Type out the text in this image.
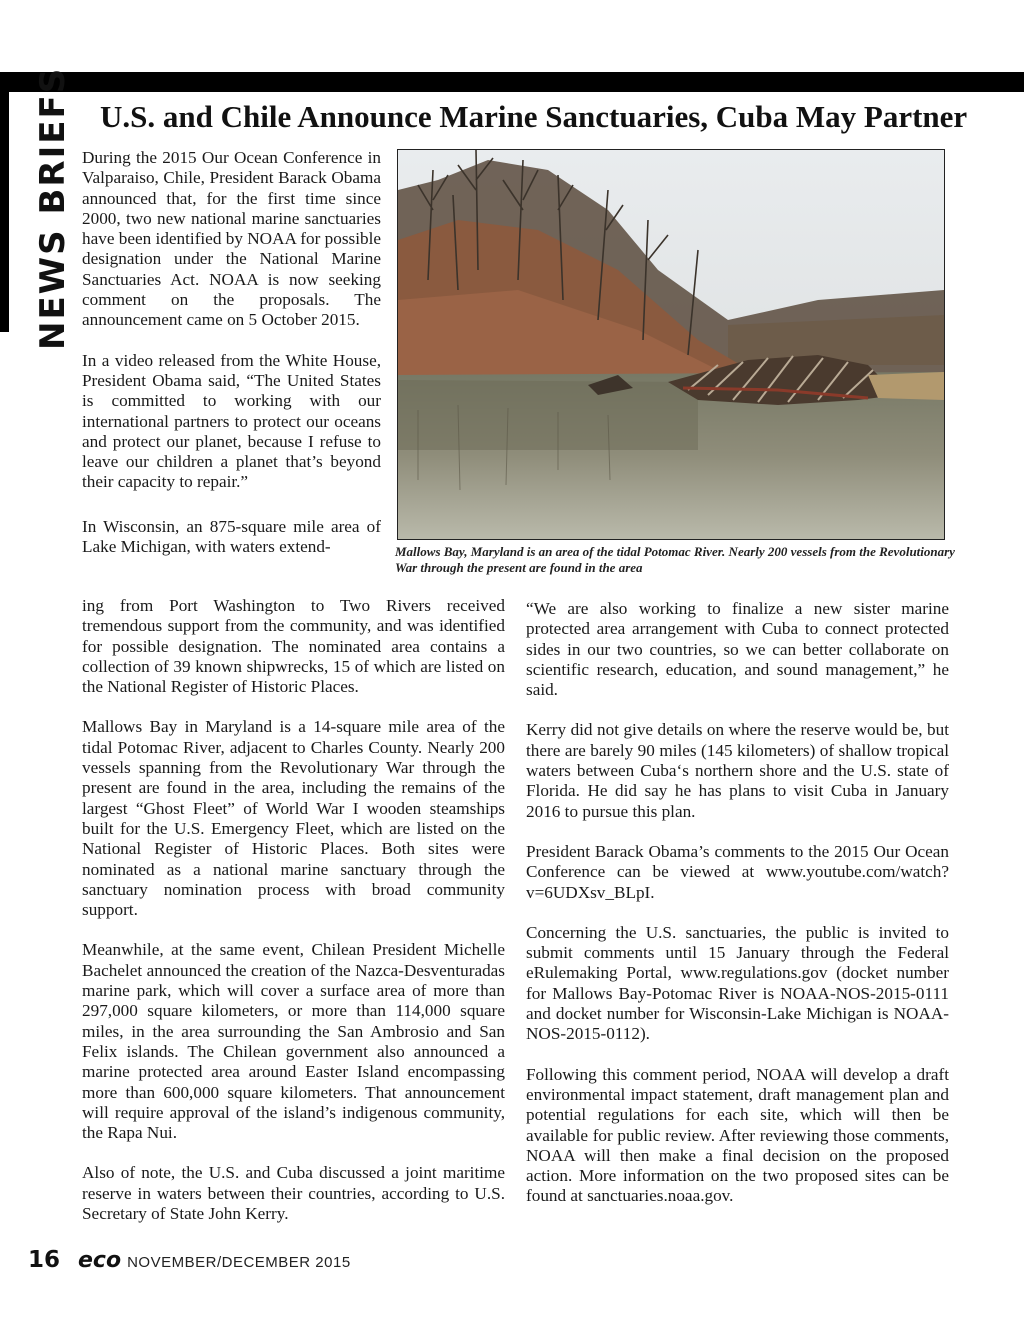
NEWS BRIEFS U.S. and Chile Announce Marine Sanctuaries, Cuba May Partner

During the 2015 Our Ocean Conference in Valparaiso, Chile, President Barack Obama announced that, for the first time since 2000, two new national marine sanctuaries have been identified by NOAA for possible designation under the National Marine Sanctuaries Act. NOAA is now seeking comment on the proposals. The announcement came on 5 October 2015.

In a video released from the White House, President Obama said, “The United States is committed to working with our international partners to protect our oceans and protect our planet, because I refuse to leave our children a planet that’s beyond their capacity to repair.”

In Wisconsin, an 875-square mile area of Lake Michigan, with waters extend-	Mallows Bay, Maryland is an area of the tidal Potomac River. Nearly 200 vessels from the Revolutionary War through the present are found in the area

ing from Port Washington to Two Rivers received tremendous support from the community, and was identified for possible designation. The nominated area contains a collection of 39 known shipwrecks, 15 of which are listed on the National Register of Historic Places.

Mallows Bay in Maryland is a 14-square mile area of the tidal Potomac River, adjacent to Charles County. Nearly 200 vessels spanning from the Revolutionary War through the present are found in the area, including the remains of the largest “Ghost Fleet” of World War I wooden steamships built for the U.S. Emergency Fleet, which are listed on the National Register of Historic Places. Both sites were nominated as a national marine sanctuary through the sanctuary nomination process with broad community support.

Meanwhile, at the same event, Chilean President Michelle Bachelet announced the creation of the Nazca-Desventuradas marine park, which will cover a surface area of more than 297,000 square kilometers, or more than 114,000 square miles, in the area surrounding the San Ambrosio and San Felix islands. The Chilean government also announced a marine protected area around Easter Island encompassing more than 600,000 square kilometers. That announcement will require approval of the island’s indigenous community, the Rapa Nui.

Also of note, the U.S. and Cuba discussed a joint maritime reserve in waters between their countries, according to U.S. Secretary of State John Kerry.

“We are also working to finalize a new sister marine protected area arrangement with Cuba to connect protected sides in our two countries, so we can better collaborate on scientific research, education, and sound management,” he said.

Kerry did not give details on where the reserve would be, but there are barely 90 miles (145 kilometers) of shallow tropical waters between Cuba‘s northern shore and the U.S. state of Florida. He did say he has plans to visit Cuba in January 2016 to pursue this plan.

President Barack Obama’s comments to the 2015 Our Ocean Conference can be viewed at www.youtube.com/watch?v=6UDXsv_BLpI.

Concerning the U.S. sanctuaries, the public is invited to submit comments until 15 January through the Federal eRulemaking Portal, www.regulations.gov (docket number for Mallows Bay-Potomac River is NOAA-NOS-2015-0111 and docket number for Wisconsin-Lake Michigan is NOAA-NOS-2015-0112).

Following this comment period, NOAA will develop a draft environmental impact statement, draft management plan and potential regulations for each site, which will then be available for public review. After reviewing those comments, NOAA will then make a final decision on the proposed action. More information on the two proposed sites can be found at sanctuaries.noaa.gov.

16 eco NOVEMBER/DECEMBER 2015
